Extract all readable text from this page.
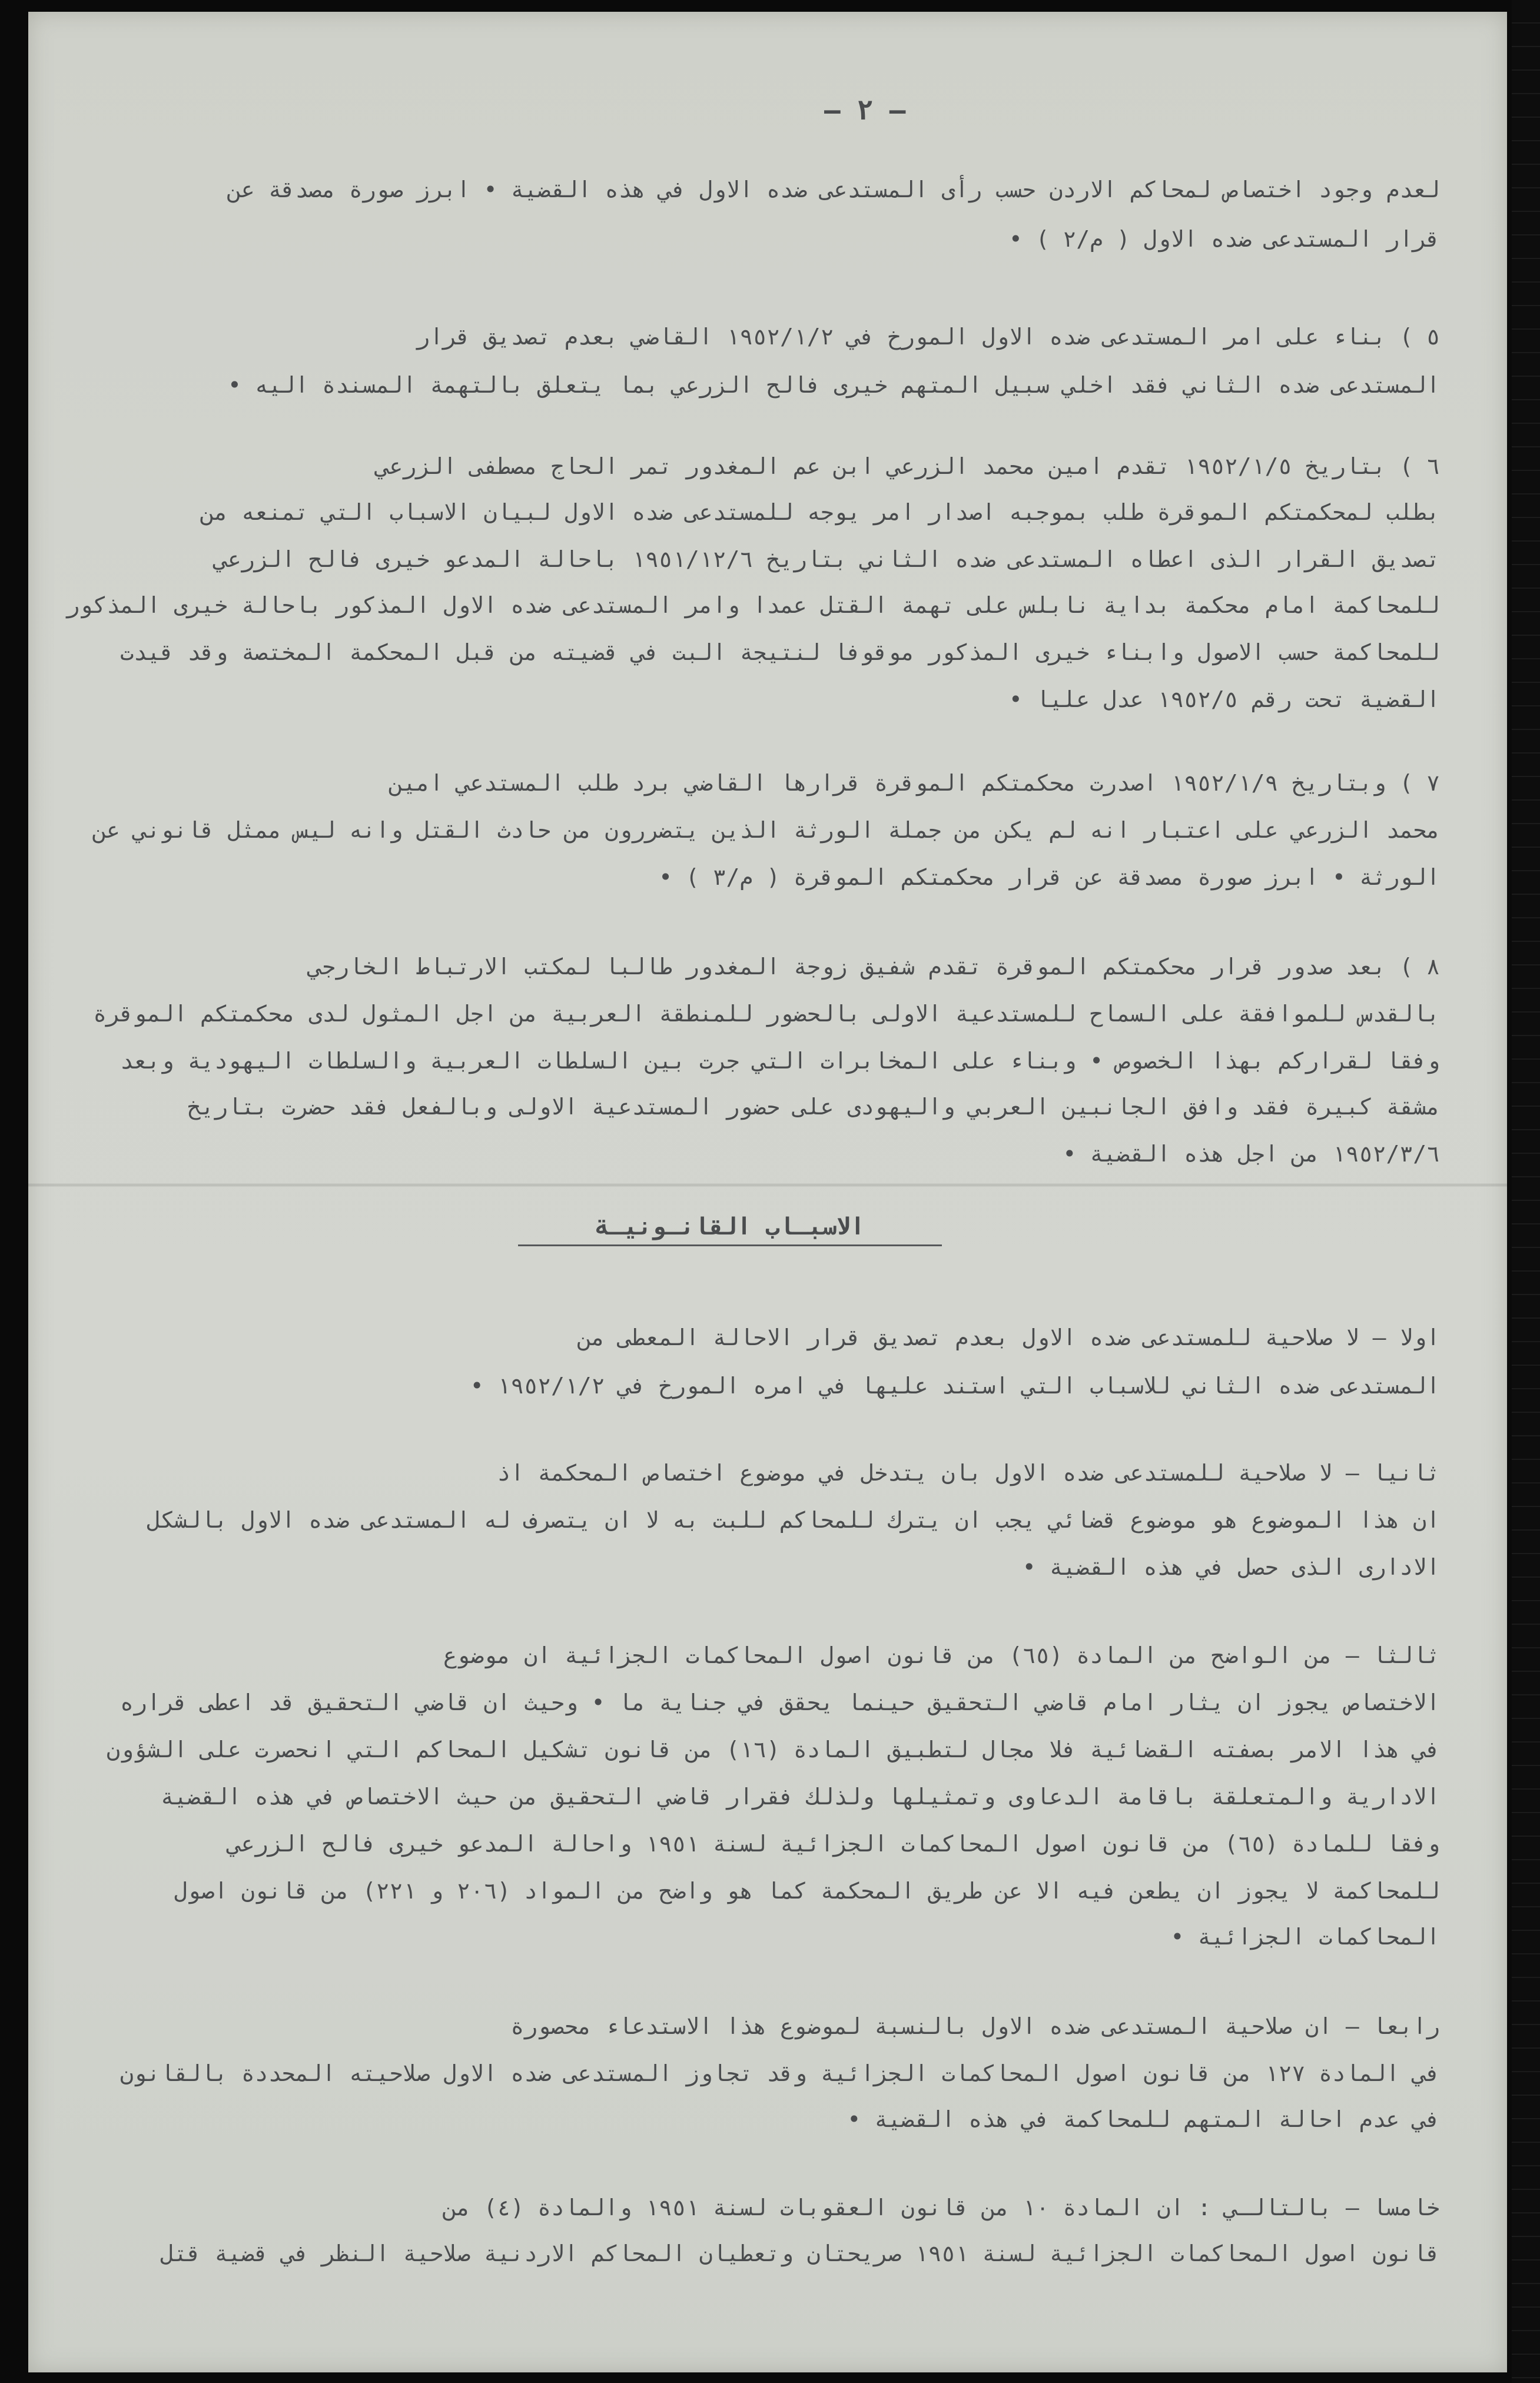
— ٢ —
الاسبـاب القانـونيـة
لعدم وجود اختصاص لمحاكم الاردن حسب رأى المستدعى ضده الاول في هذه القضية • ابرز صورة مصدقة عن
قرار المستدعى ضده الاول ( م/٢ ) •
٥ ) بناء على امر المستدعى ضده الاول المورخ في ١٩٥٢/١/٢ القاضي بعدم تصديق قرار
المستدعى ضده الثاني فقد اخلي سبيل المتهم خيرى فالح الزرعي بما يتعلق بالتهمة المسندة اليه •
٦ ) بتاريخ ١٩٥٢/١/٥ تقدم امين محمد الزرعي ابن عم المغدور تمر الحاج مصطفى الزرعي
بطلب لمحكمتكم الموقرة طلب بموجبه اصدار امر يوجه للمستدعى ضده الاول لبيان الاسباب التي تمنعه من
تصديق القرار الذى اعطاه المستدعى ضده الثاني بتاريخ ١٩٥١/١٢/٦ باحالة المدعو خيرى فالح الزرعي
للمحاكمة امام محكمة بداية نابلس على تهمة القتل عمدا وامر المستدعى ضده الاول المذكور باحالة خيرى المذكور
للمحاكمة حسب الاصول وابناء خيرى المذكور موقوفا لنتيجة البت في قضيته من قبل المحكمة المختصة وقد قيدت
القضية تحت رقم ١٩٥٢/٥ عدل عليا •
٧ ) وبتاريخ ١٩٥٢/١/٩ اصدرت محكمتكم الموقرة قرارها القاضي برد طلب المستدعي امين
محمد الزرعي على اعتبار انه لم يكن من جملة الورثة الذين يتضررون من حادث القتل وانه ليس ممثل قانوني عن
الورثة • ابرز صورة مصدقة عن قرار محكمتكم الموقرة ( م/٣ ) •
٨ ) بعد صدور قرار محكمتكم الموقرة تقدم شفيق زوجة المغدور طالبا لمكتب الارتباط الخارجي
بالقدس للموافقة على السماح للمستدعية الاولى بالحضور للمنطقة العربية من اجل المثول لدى محكمتكم الموقرة
وفقا لقراركم بهذا الخصوص • وبناء على المخابرات التي جرت بين السلطات العربية والسلطات اليهودية وبعد
مشقة كبيرة فقد وافق الجانبين العربي واليهودى على حضور المستدعية الاولى وبالفعل فقد حضرت بتاريخ
١٩٥٢/٣/٦ من اجل هذه القضية •
اولا — لا صلاحية للمستدعى ضده الاول بعدم تصديق قرار الاحالة المعطى من
المستدعى ضده الثاني للاسباب التي استند عليها في امره المورخ في ١٩٥٢/١/٢ •
ثانيا — لا صلاحية للمستدعى ضده الاول بان يتدخل في موضوع اختصاص المحكمة اذ
ان هذا الموضوع هو موضوع قضائي يجب ان يترك للمحاكم للبت به لا ان يتصرف له المستدعى ضده الاول بالشكل
الادارى الذى حصل في هذه القضية •
ثالثا — من الواضح من المادة (٦٥) من قانون اصول المحاكمات الجزائية ان موضوع
الاختصاص يجوز ان يثار امام قاضي التحقيق حينما يحقق في جناية ما • وحيث ان قاضي التحقيق قد اعطى قراره
في هذا الامر بصفته القضائية فلا مجال لتطبيق المادة (١٦) من قانون تشكيل المحاكم التي انحصرت على الشؤون
الادارية والمتعلقة باقامة الدعاوى وتمثيلها ولذلك فقرار قاضي التحقيق من حيث الاختصاص في هذه القضية
وفقا للمادة (٦٥) من قانون اصول المحاكمات الجزائية لسنة ١٩٥١ واحالة المدعو خيرى فالح الزرعي
للمحاكمة لا يجوز ان يطعن فيه الا عن طريق المحكمة كما هو واضح من المواد (٢٠٦ و ٢٢١) من قانون اصول
المحاكمات الجزائية •
رابعا — ان صلاحية المستدعى ضده الاول بالنسبة لموضوع هذا الاستدعاء محصورة
في المادة ١٢٧ من قانون اصول المحاكمات الجزائية وقد تجاوز المستدعى ضده الاول صلاحيته المحددة بالقانون
في عدم احالة المتهم للمحاكمة في هذه القضية •
خامسا — بالتالـي : ان المادة ١٠ من قانون العقوبات لسنة ١٩٥١ والمادة (٤) من
قانون اصول المحاكمات الجزائية لسنة ١٩٥١ صريحتان وتعطيان المحاكم الاردنية صلاحية النظر في قضية قتل
